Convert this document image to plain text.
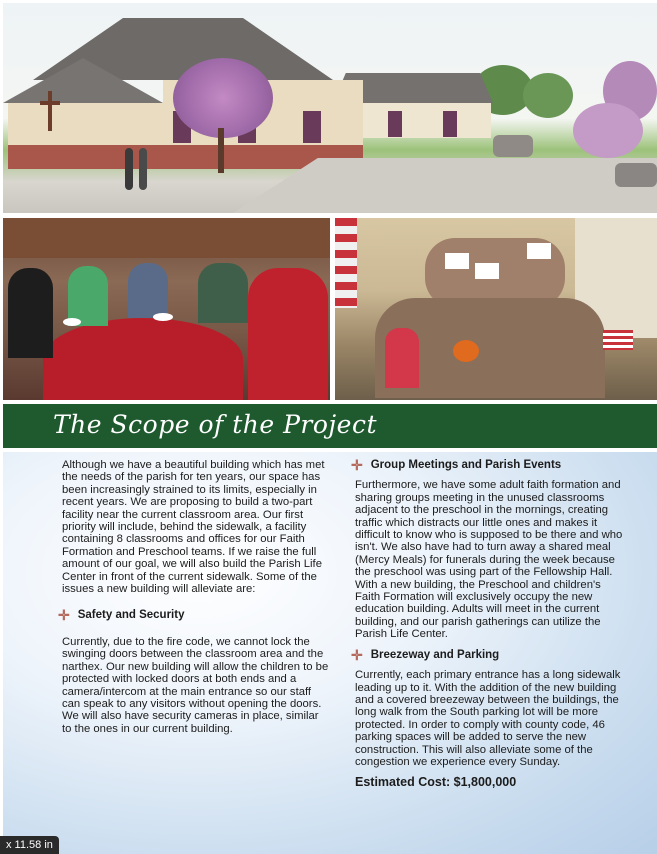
The Scope of the Project

Although we have a beautiful building which has met the needs of the parish for ten years, our space has been increasingly strained to its limits, especially in recent years. We are proposing to build a two-part facility near the current classroom area. Our first priority will include, behind the sidewalk, a facility containing 8 classrooms and offices for our Faith Formation and Preschool teams. If we raise the full amount of our goal, we will also build the Parish Life Center in front of the current sidewalk. Some of the issues a new building will alleviate are:

✛ Safety and Security

Currently, due to the fire code, we cannot lock the swinging doors between the classroom area and the narthex. Our new building will allow the children to be protected with locked doors at both ends and a camera/intercom at the main entrance so our staff can speak to any visitors without opening the doors. We will also have security cameras in place, similar to the ones in our current building.

✛ Group Meetings and Parish Events

Furthermore, we have some adult faith formation and sharing groups meeting in the unused classrooms adjacent to the preschool in the mornings, creating traffic which distracts our little ones and makes it difficult to know who is supposed to be there and who isn't. We also have had to turn away a shared meal (Mercy Meals) for funerals during the week because the preschool was using part of the Fellowship Hall. With a new building, the Preschool and children's Faith Formation will exclusively occupy the new education building. Adults will meet in the current building, and our parish gatherings can utilize the Parish Life Center.

✛ Breezeway and Parking

Currently, each primary entrance has a long sidewalk leading up to it. With the addition of the new building and a covered breezeway between the buildings, the long walk from the South parking lot will be more protected. In order to comply with county code, 46 parking spaces will be added to serve the new construction. This will also alleviate some of the congestion we experience every Sunday.

Estimated Cost: $1,800,000

x 11.58 in
